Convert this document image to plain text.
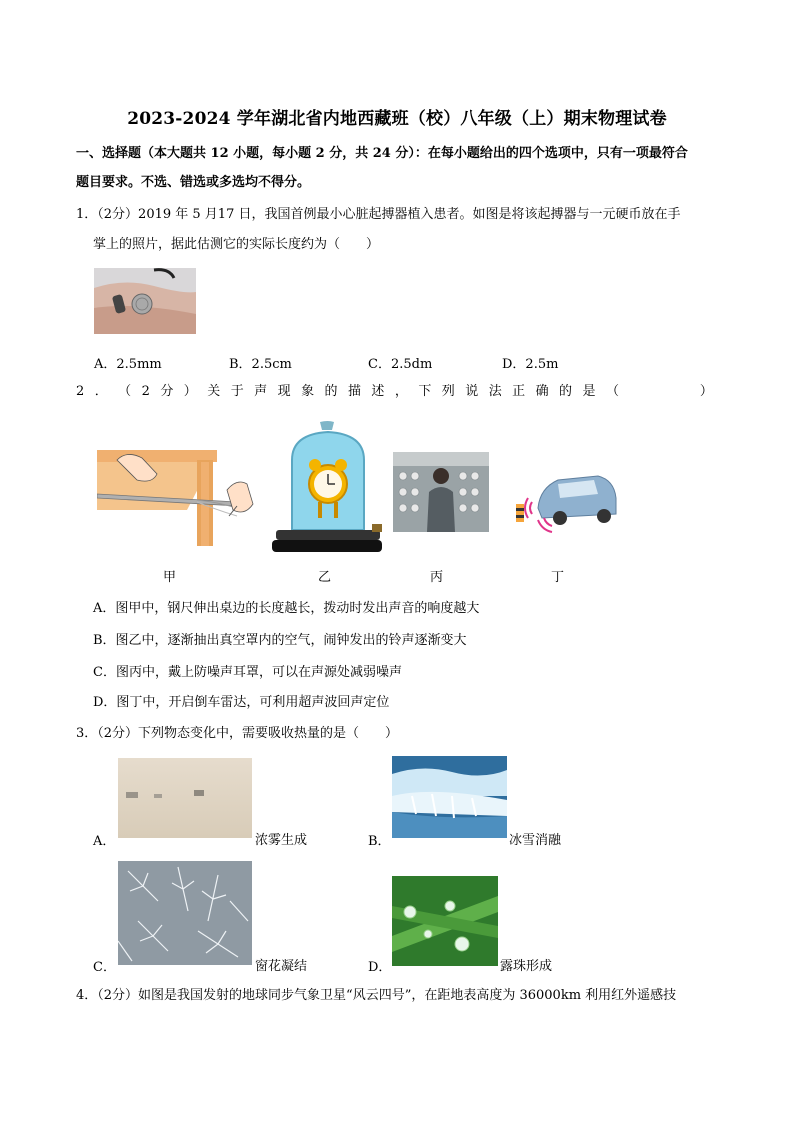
2023-2024 学年湖北省内地西藏班（校）八年级（上）期末物理试卷
一、选择题（本大题共 12 小题，每小题 2 分，共 24 分）：在每小题给出的四个选项中，只有一项最符合
题目要求。不选、错选或多选均不得分。
1．（2分）2019 年 5 月17 日，我国首例最小心脏起搏器植入患者。如图是将该起搏器与一元硬币放在手
掌上的照片，据此估测它的实际长度约为（　　）
A．2.5mm	B．2.5cm	C．2.5dm	D．2.5m
2 ． （ 2 分 ） 关 于 声 现 象 的 描 述 ， 下 列 说 法 正 确 的 是 （	）
甲	乙	丙	丁
A．图甲中，钢尺伸出桌边的长度越长，拨动时发出声音的响度越大
B．图乙中，逐渐抽出真空罩内的空气，闹钟发出的铃声逐渐变大
C．图丙中，戴上防噪声耳罩，可以在声源处减弱噪声
D．图丁中，开启倒车雷达，可利用超声波回声定位
3．（2分）下列物态变化中，需要吸收热量的是（　　）
A．	浓雾生成	B．	冰雪消融
C．	窗花凝结	D．	露珠形成
4．（2分）如图是我国发射的地球同步气象卫星“风云四号”，在距地表高度为 36000km 利用红外遥感技
